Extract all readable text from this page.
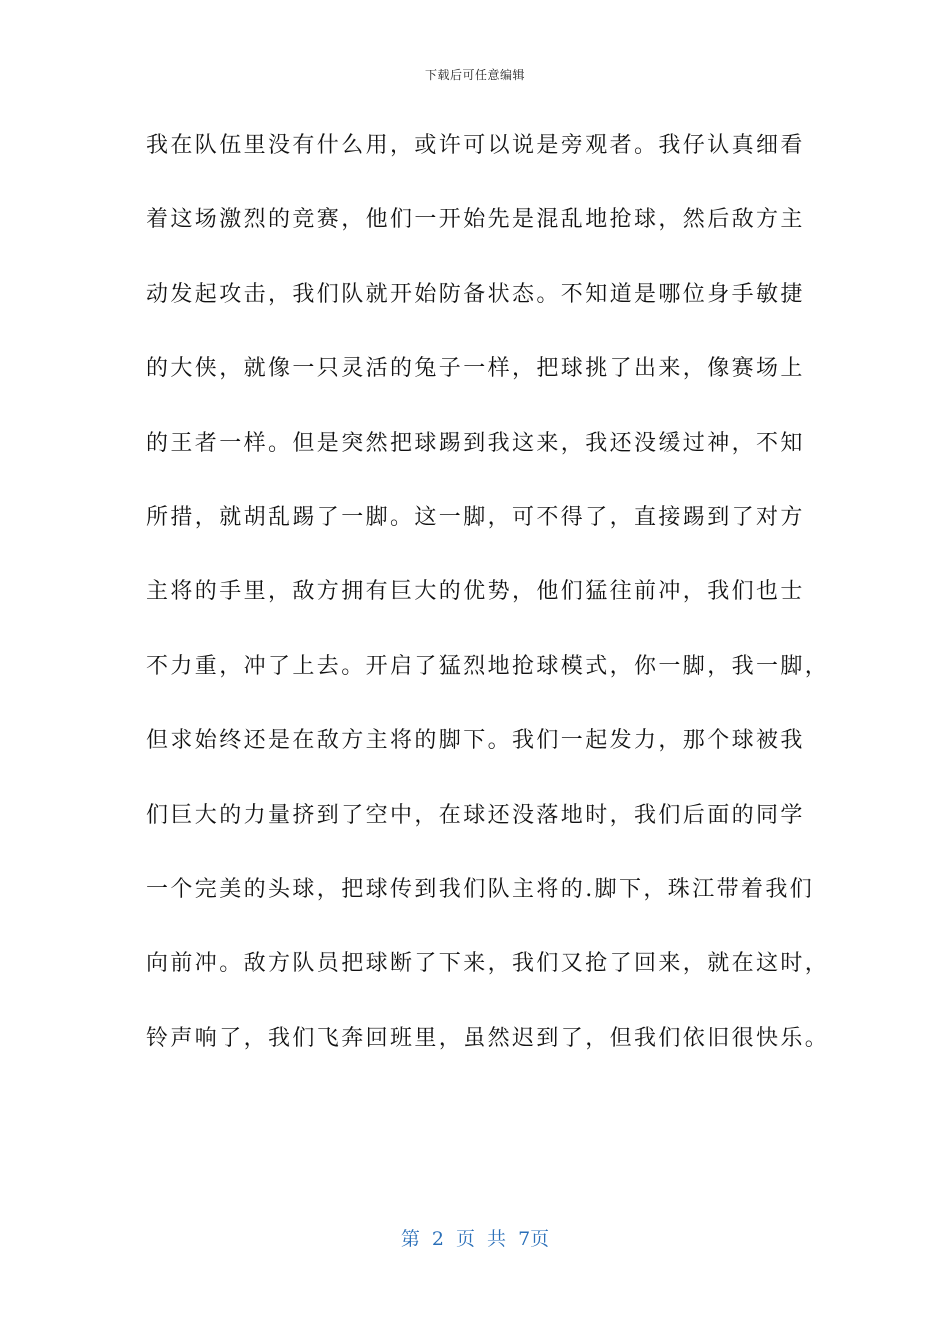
下载后可任意编辑
我在队伍里没有什么用，或许可以说是旁观者。我仔认真细看
着这场激烈的竞赛，他们一开始先是混乱地抢球，然后敌方主
动发起攻击，我们队就开始防备状态。不知道是哪位身手敏捷
的大侠，就像一只灵活的兔子一样，把球挑了出来，像赛场上
的王者一样。但是突然把球踢到我这来，我还没缓过神，不知
所措，就胡乱踢了一脚。这一脚，可不得了，直接踢到了对方
主将的手里，敌方拥有巨大的优势，他们猛往前冲，我们也士
不力重，冲了上去。开启了猛烈地抢球模式，你一脚，我一脚，
但求始终还是在敌方主将的脚下。我们一起发力，那个球被我
们巨大的力量挤到了空中，在球还没落地时，我们后面的同学
一个完美的头球，把球传到我们队主将的.脚下，珠江带着我们
向前冲。敌方队员把球断了下来，我们又抢了回来，就在这时，
铃声响了，我们飞奔回班里，虽然迟到了，但我们依旧很快乐。
第 2 页 共 7页
